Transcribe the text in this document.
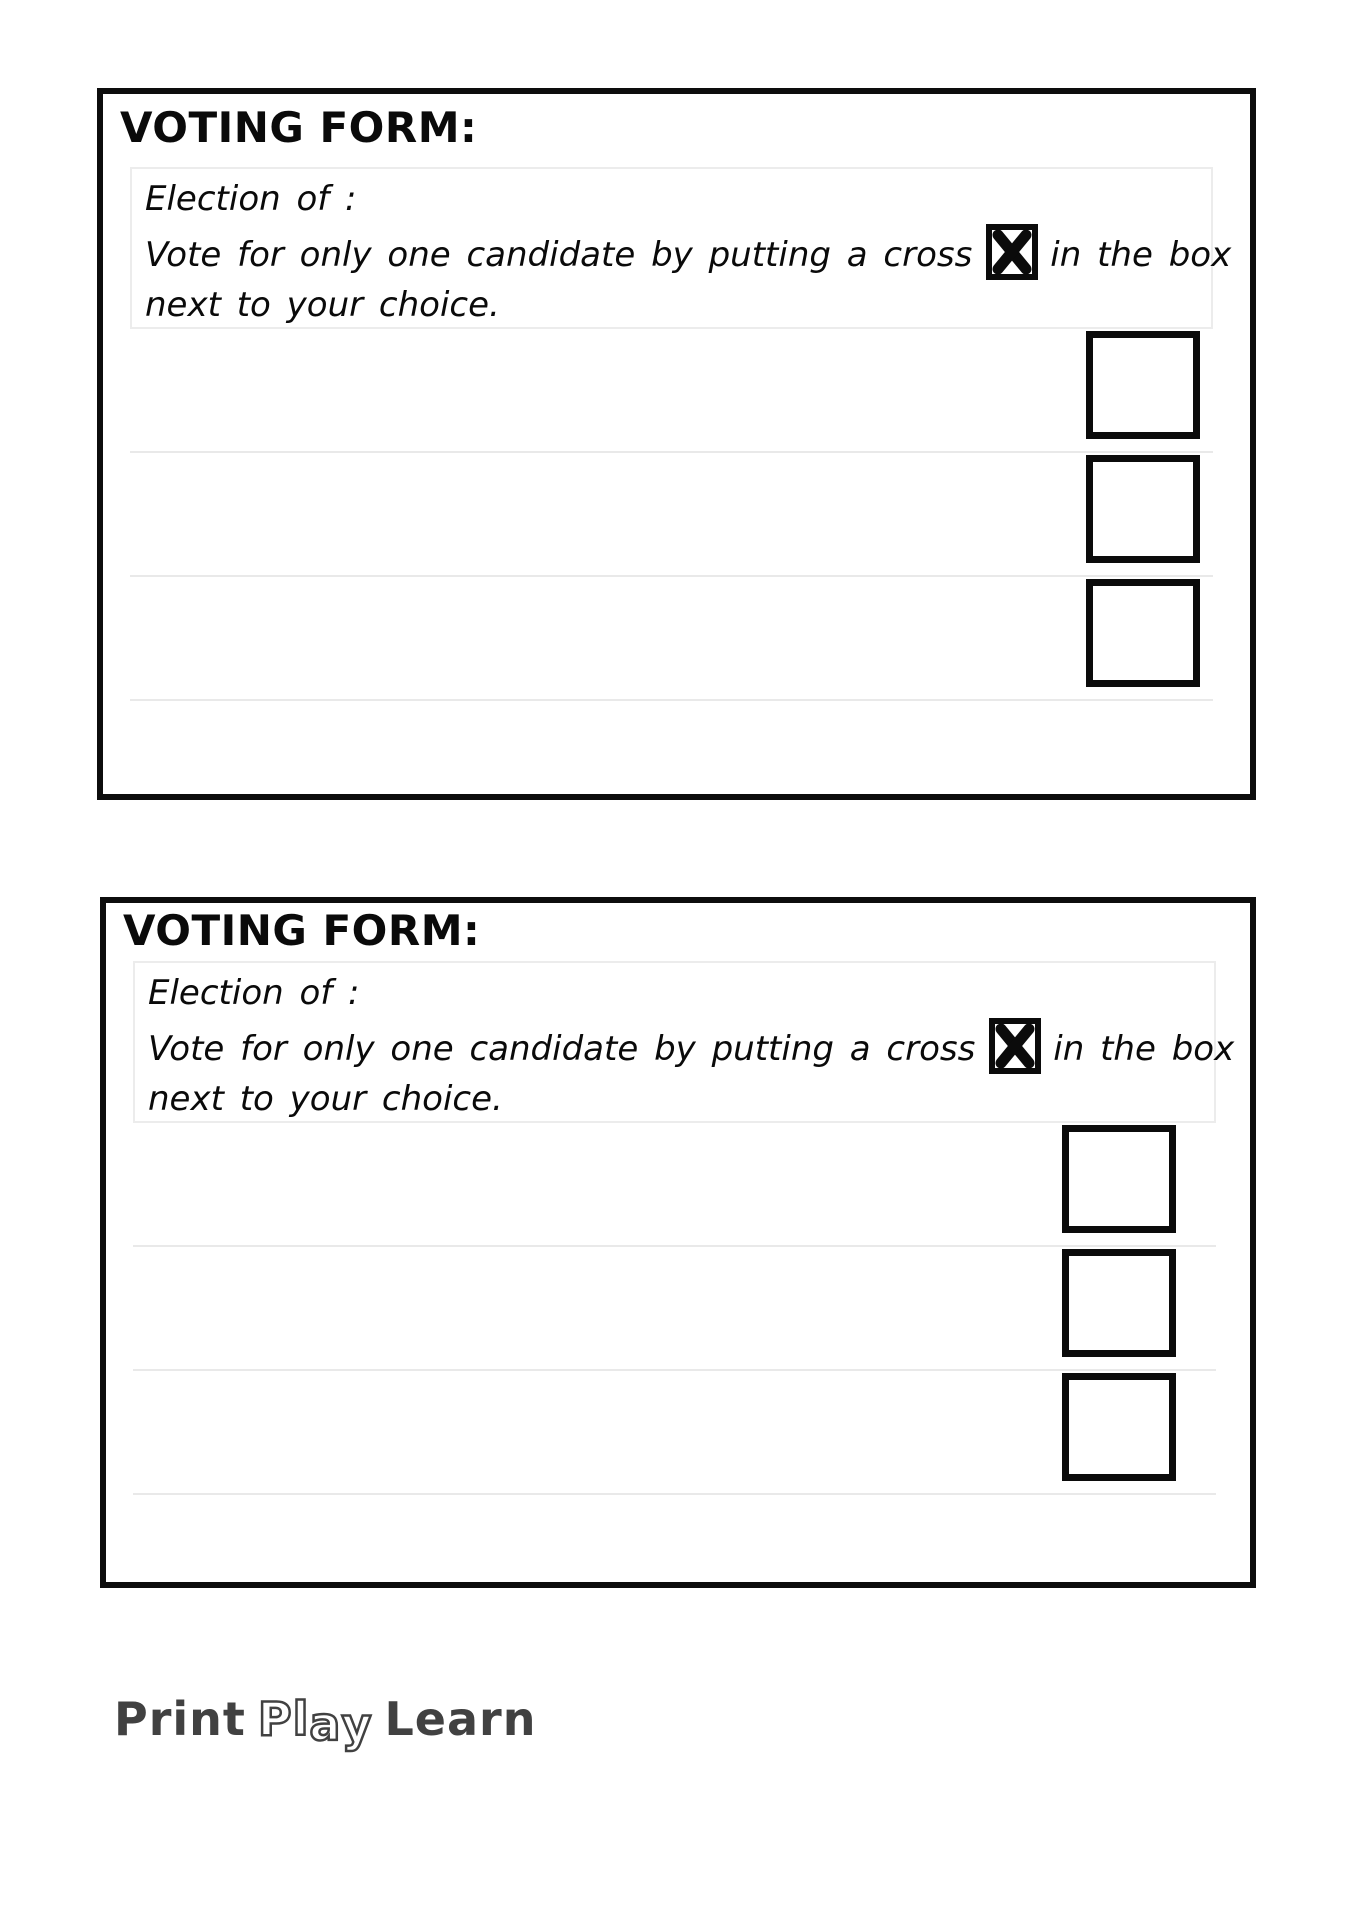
VOTING FORM:
Election of :
Vote for only one candidate by putting a cross in the box
next to your choice.
VOTING FORM:
Election of :
Vote for only one candidate by putting a cross in the box
next to your choice.
Print Play Learn
